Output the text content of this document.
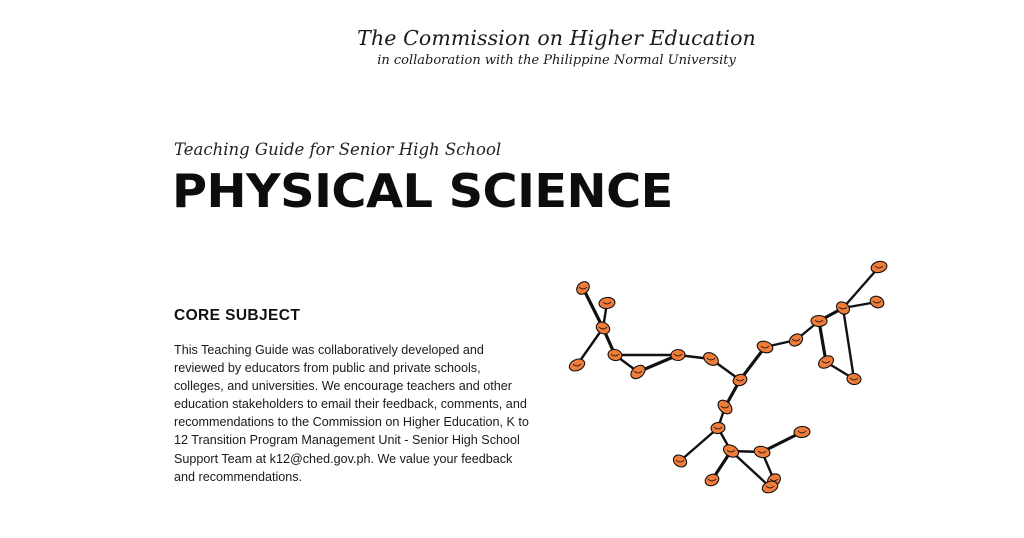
The Commission on Higher Education
in collaboration with the Philippine Normal University
Teaching Guide for Senior High School
PHYSICAL SCIENCE
CORE SUBJECT
This Teaching Guide was collaboratively developed and
reviewed by educators from public and private schools,
colleges, and universities. We encourage teachers and other
education stakeholders to email their feedback, comments, and
recommendations to the Commission on Higher Education, K to
12 Transition Program Management Unit - Senior High School
Support Team at k12@ched.gov.ph. We value your feedback
and recommendations.
